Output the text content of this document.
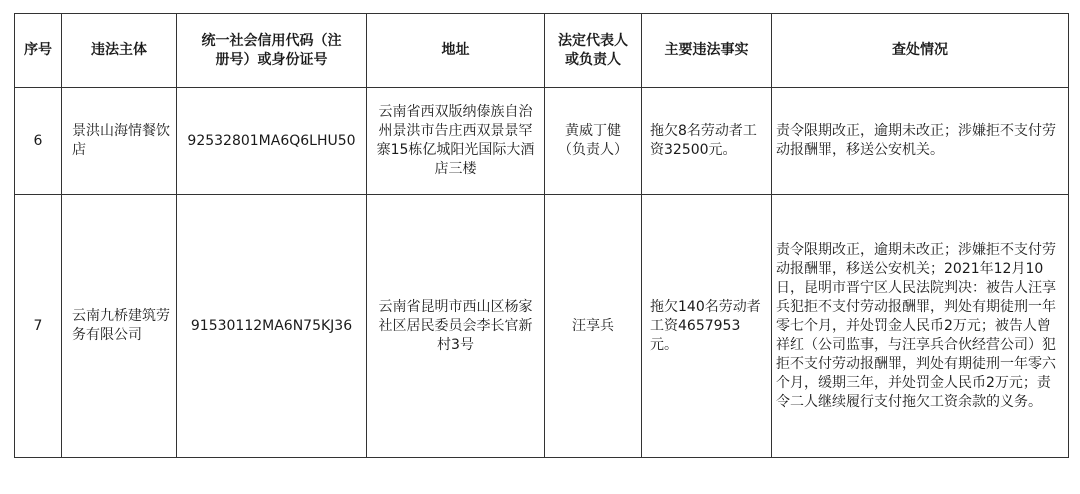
序号	违法主体	统一社会信用代码（注册号）或身份证号	地址	法定代表人或负责人	主要违法事实	查处情况
6	景洪山海情餐饮店	92532801MA6Q6LHU50	云南省西双版纳傣族自治州景洪市告庄西双景景罕寨15栋亿城阳光国际大酒店三楼	黄威丁健（负责人）	拖欠8名劳动者工资32500元。	责令限期改正，逾期未改正；涉嫌拒不支付劳动报酬罪，移送公安机关。
7	云南九桥建筑劳务有限公司	91530112MA6N75KJ36	云南省昆明市西山区杨家社区居民委员会李长官新村3号	汪享兵	拖欠140名劳动者工资4657953元。	责令限期改正，逾期未改正；涉嫌拒不支付劳动报酬罪，移送公安机关；2021年12月10日，昆明市晋宁区人民法院判决：被告人汪享兵犯拒不支付劳动报酬罪，判处有期徒刑一年零七个月，并处罚金人民币2万元；被告人曾祥红（公司监事，与汪享兵合伙经营公司）犯拒不支付劳动报酬罪，判处有期徒刑一年零六个月，缓期三年，并处罚金人民币2万元；责令二人继续履行支付拖欠工资余款的义务。
